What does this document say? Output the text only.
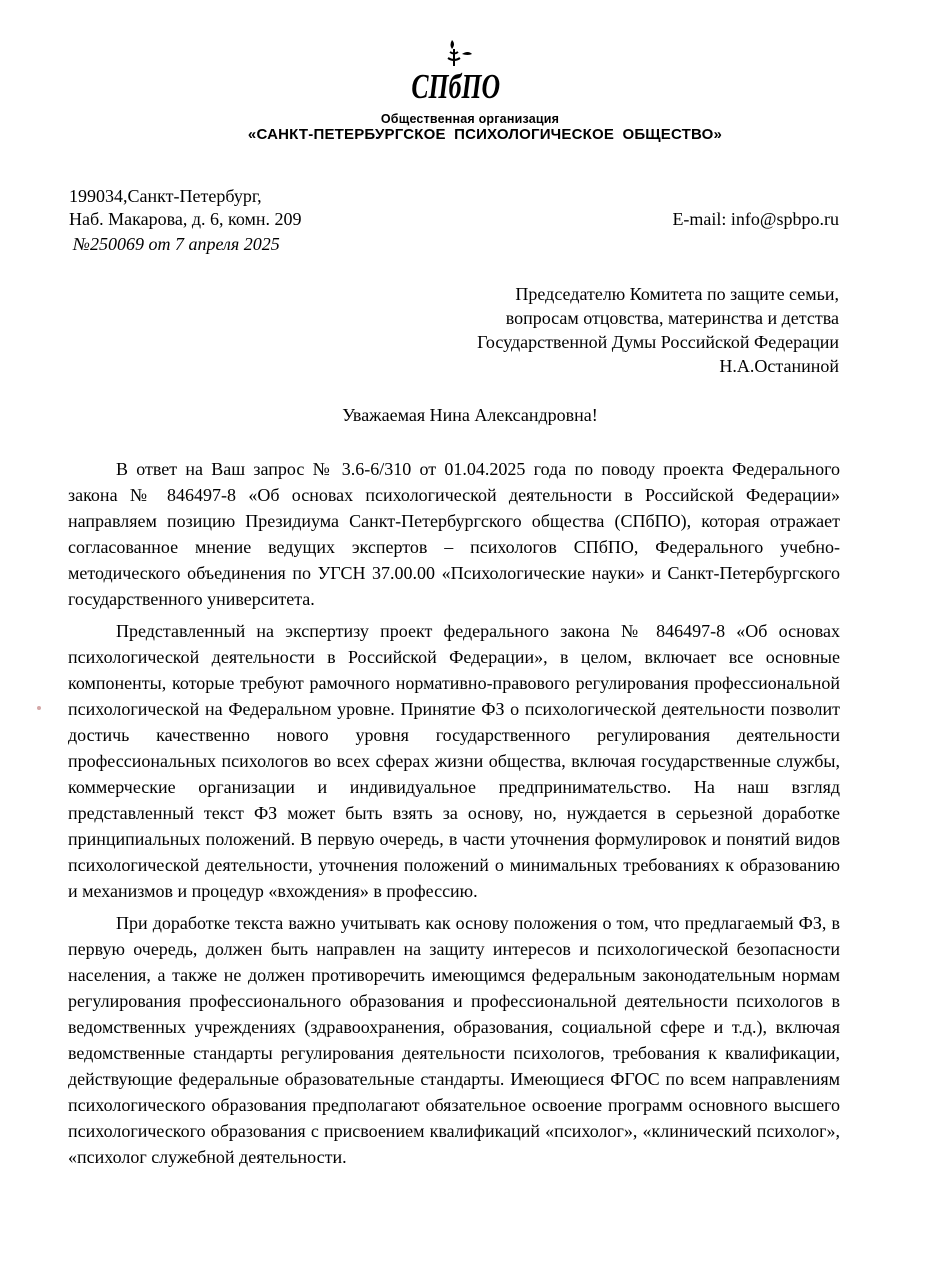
СПбПО
Общественная организация
«САНКТ-ПЕТЕРБУРГСКОЕ ПСИХОЛОГИЧЕСКОЕ ОБЩЕСТВО»
199034,Санкт-Петербург,
Наб. Макарова, д. 6, комн. 209	E-mail: info@spbpo.ru
№250069 от 7 апреля 2025
Председателю Комитета по защите семьи,
вопросам отцовства, материнства и детства
Государственной Думы Российской Федерации
Н.А.Останиной
Уважаемая Нина Александровна!

В ответ на Ваш запрос № 3.6-6/310 от 01.04.2025 года по поводу проекта Федерального закона № 846497-8 «Об основах психологической деятельности в Российской Федерации» направляем позицию Президиума Санкт-Петербургского общества (СПбПО), которая отражает согласованное мнение ведущих экспертов – психологов СПбПО, Федерального учебно-методического объединения по УГСН 37.00.00 «Психологические науки» и Санкт-Петербургского государственного университета.

Представленный на экспертизу проект федерального закона № 846497-8 «Об основах психологической деятельности в Российской Федерации», в целом, включает все основные компоненты, которые требуют рамочного нормативно-правового регулирования профессиональной психологической на Федеральном уровне. Принятие ФЗ о психологической деятельности позволит достичь качественно нового уровня государственного регулирования деятельности профессиональных психологов во всех сферах жизни общества, включая государственные службы, коммерческие организации и индивидуальное предпринимательство. На наш взгляд представленный текст ФЗ может быть взять за основу, но, нуждается в серьезной доработке принципиальных положений. В первую очередь, в части уточнения формулировок и понятий видов психологической деятельности, уточнения положений о минимальных требованиях к образованию и механизмов и процедур «вхождения» в профессию.

При доработке текста важно учитывать как основу положения о том, что предлагаемый ФЗ, в первую очередь, должен быть направлен на защиту интересов и психологической безопасности населения, а также не должен противоречить имеющимся федеральным законодательным нормам регулирования профессионального образования и профессиональной деятельности психологов в ведомственных учреждениях (здравоохранения, образования, социальной сфере и т.д.), включая ведомственные стандарты регулирования деятельности психологов, требования к квалификации, действующие федеральные образовательные стандарты. Имеющиеся ФГОС по всем направлениям психологического образования предполагают обязательное освоение программ основного высшего психологического образования с присвоением квалификаций «психолог», «клинический психолог», «психолог служебной деятельности.
